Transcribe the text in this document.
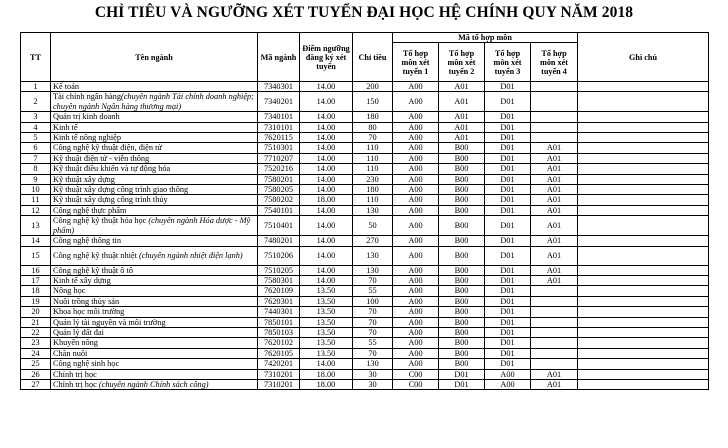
CHỈ TIÊU VÀ NGƯỠNG XÉT TUYỂN ĐẠI HỌC HỆ CHÍNH QUY NĂM 2018
TT	Tên ngành	Mã ngành	Điểm ngưỡng đăng ký xét tuyển	Chỉ tiêu	Mã tổ hợp môn				Ghi chú
					Tổ hợp môn xét tuyển 1	Tổ hợp môn xét tuyển 2	Tổ hợp môn xét tuyển 3	Tổ hợp môn xét tuyển 4	
1	Kế toán	7340301	14.00	200	A00	A01	D01		
2	Tài chính ngân hàng(chuyên ngành Tài chính doanh nghiệp; chuyên ngành Ngân hàng thương mại)	7340201	14.00	150	A00	A01	D01		
3	Quản trị kinh doanh	7340101	14.00	180	A00	A01	D01		
4	Kinh tế	7310101	14.00	80	A00	A01	D01		
5	Kinh tế nông nghiệp	7620115	14.00	70	A00	A01	D01		
6	Công nghệ kỹ thuật điện, điện tử	7510301	14.00	110	A00	B00	D01	A01	
7	Kỹ thuật điện tử - viễn thông	7710207	14.00	110	A00	B00	D01	A01	
8	Kỹ thuật điều khiển và tự động hóa	7520216	14.00	110	A00	B00	D01	A01	
9	Kỹ thuật xây dựng	7580201	14.00	230	A00	B00	D01	A01	
10	Kỹ thuật xây dựng công trình giao thông	7580205	14.00	180	A00	B00	D01	A01	
11	Kỹ thuật xây dựng công trình thủy	7580202	18.00	110	A00	B00	D01	A01	
12	Công nghệ thực phẩm	7540101	14.00	130	A00	B00	D01	A01	
13	Công nghệ kỹ thuật hóa học (chuyên ngành Hóa dược - Mỹ phẩm)	7510401	14.00	50	A00	B00	D01	A01	
14	Công nghệ thông tin	7480201	14.00	270	A00	B00	D01	A01	
15	Công nghệ kỹ thuật nhiệt (chuyên ngành nhiệt điện lạnh)	7510206	14.00	130	A00	B00	D01	A01	
16	Công nghệ kỹ thuật ô tô	7510205	14.00	130	A00	B00	D01	A01	
17	Kinh tế xây dựng	7580301	14.00	70	A00	B00	D01	A01	
18	Nông học	7620109	13.50	55	A00	B00	D01		
19	Nuôi trồng thủy sản	7620301	13.50	100	A00	B00	D01		
20	Khoa học môi trường	7440301	13.50	70	A00	B00	D01		
21	Quản lý tài nguyên và môi trường	7850101	13.50	70	A00	B00	D01		
22	Quản lý đất đai	7850103	13.50	70	A00	B00	D01		
23	Khuyến nông	7620102	13.50	55	A00	B00	D01		
24	Chăn nuôi	7620105	13.50	70	A00	B00	D01		
25	Công nghệ sinh học	7420201	14.00	130	A00	B00	D01		
26	Chính trị học	7310201	18.00	30	C00	D01	A00	A01	
27	Chính trị học (chuyên ngành Chính sách công)	7310201	18.00	30	C00	D01	A00	A01	
